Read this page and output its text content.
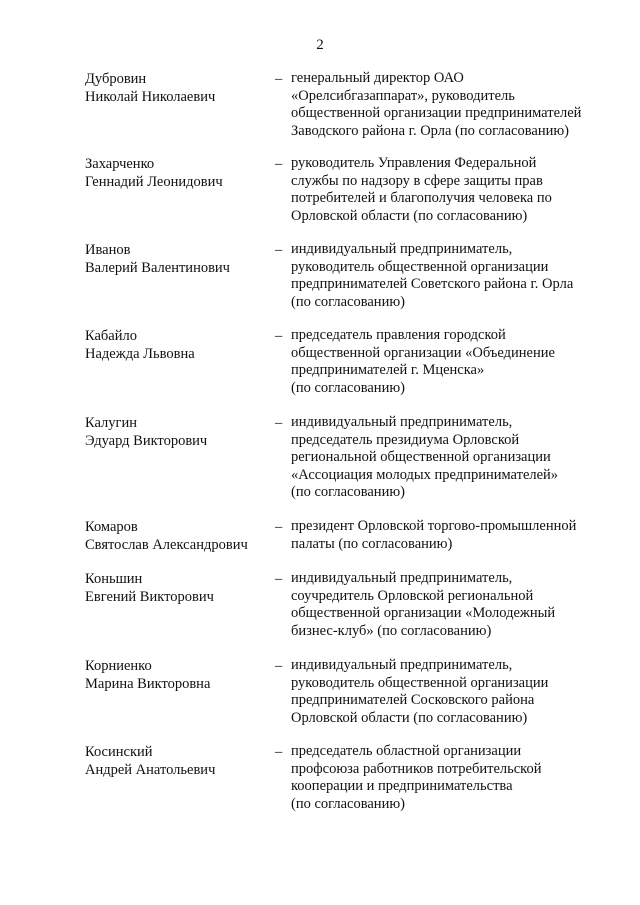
2
Дубровин
Николай Николаевич
– генеральный директор ОАО
«Орелсибгазаппарат», руководитель
общественной организации предпринимателей
Заводского района г. Орла (по согласованию)
Захарченко
Геннадий Леонидович
– руководитель Управления Федеральной
службы по надзору в сфере защиты прав
потребителей и благополучия человека по
Орловской области (по согласованию)
Иванов
Валерий Валентинович
– индивидуальный предприниматель,
руководитель общественной организации
предпринимателей Советского района г. Орла
(по согласованию)
Кабайло
Надежда Львовна
– председатель правления городской
общественной организации «Объединение
предпринимателей г. Мценска»
(по согласованию)
Калугин
Эдуард Викторович
– индивидуальный предприниматель,
председатель президиума Орловской
региональной общественной организации
«Ассоциация молодых предпринимателей»
(по согласованию)
Комаров
Святослав Александрович
– президент Орловской торгово-промышленной
палаты (по согласованию)
Коньшин
Евгений Викторович
– индивидуальный предприниматель,
соучредитель Орловской региональной
общественной организации «Молодежный
бизнес-клуб» (по согласованию)
Корниенко
Марина Викторовна
– индивидуальный предприниматель,
руководитель общественной организации
предпринимателей Сосковского района
Орловской области (по согласованию)
Косинский
Андрей Анатольевич
– председатель областной организации
профсоюза работников потребительской
кооперации и предпринимательства
(по согласованию)
